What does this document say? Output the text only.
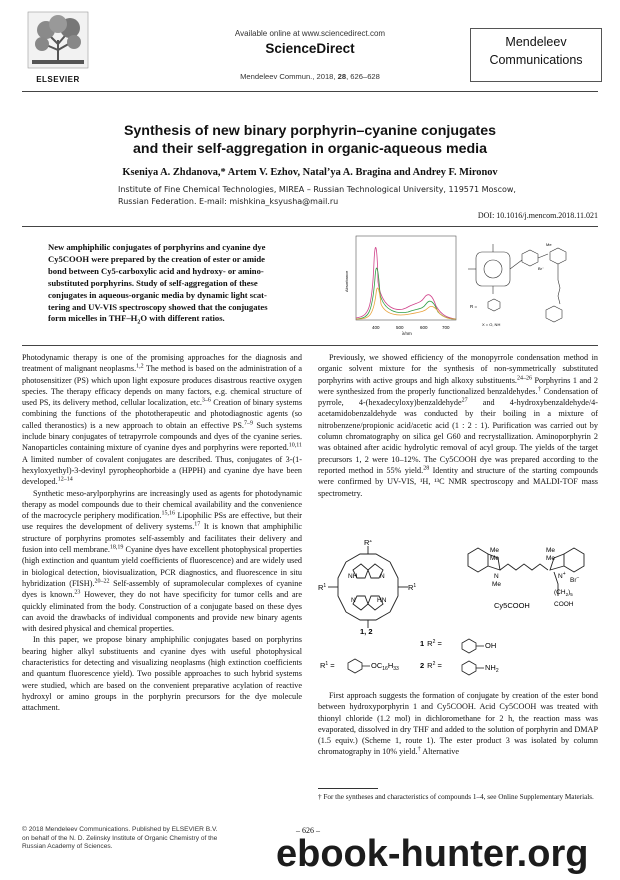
ELSEVIER
Available online at www.sciencedirect.com
ScienceDirect
Mendeleev Commun., 2018, 28, 626–628
Mendeleev
Communications
Synthesis of new binary porphyrin–cyanine conjugates
and their self-aggregation in organic-aqueous media
Kseniya A. Zhdanova,* Artem V. Ezhov, Natal’ya A. Bragina and Andrey F. Mironov
Institute of Fine Chemical Technologies, MIREA – Russian Technological University, 119571 Moscow,
Russian Federation. E-mail: mishkina_ksyusha@mail.ru
DOI: 10.1016/j.mencom.2018.11.021
New amphiphilic conjugates of porphyrins and cyanine dye
Cy5COOH were prepared by the creation of ester or amide
bond between Cy5-carboxylic acid and hydroxy- or amino-
substituted porphyrins. Study of self-aggregation of these
conjugates in aqueous-organic media by dynamic light scat-
tering and UV-VIS spectroscopy showed that the conjugates
form micelles in THF–$H_2O$ with different ratios.
400	500	600	700
λ/nm
Absorbance
Me
Br⁻
R =
X = O, NH

Photodynamic therapy is one of the promising approaches for the diagnosis and treatment of malignant neoplasms.$^{1,2}$ The method is based on the administration of a photosensitizer (PS) which upon light exposure produces disastrous reactive oxygen species. The therapy efficacy depends on many factors, e.g. chemical structure of used PS, its delivery method, cellular localization, etc.$^{3-6}$ Creation of binary systems combining the functions of the phototherapeutic and photodiagnostic agents (so called theranostics) is a new approach to obtain an effective PS.$^{7-9}$ Such systems include binary conjugates of tetrapyrrole compounds and dyes of the cyanine series. Nanoparticles containing mixture of cyanine dyes and porphyrins were reported.$^{10,11}$ A limited number of covalent conjugates are described. Thus, conjugates of 3-(1-hexyloxyethyl)-3-devinyl pyropheophorbide a (HPPH) and cyanine dye have been developed.$^{12-14}$

Synthetic meso-arylporphyrins are increasingly used as agents for photodynamic therapy as model compounds due to their chemical availability and the convenience of the macrocycle periphery modification.$^{15,16}$ Lipophilic PSs are effective, but their use requires the development of delivery systems.$^{17}$ It is known that amphiphilic structure of porphyrins promotes self-assembly and facilitates their delivery and fusion into cell membrane.$^{18,19}$ Cyanine dyes have excellent photophysical properties (high extinction and quantum yield coefficients of fluorescence) and are widely used in biological detection, biovisualization, PCR diagnostics, and fluorescence in situ hybridization (FISH).$^{20-22}$ Self-assembly of supramolecular complexes of cyanine dyes is known.$^{23}$ However, they do not have specificity for tumor cells and are quickly eliminated from the body. Construction of a conjugate based on these dyes can avoid the drawbacks of individual components and provide new binary agents with desired physical and chemical properties.

In this paper, we propose binary amphiphilic conjugates based on porphyrins bearing higher alkyl substituents and cyanine dyes with useful photophysical characteristics for detecting and visualizing neoplasms (high extinction coefficients and quantum fluorescence yield). Two possible approaches to such hybrid systems were studied, which are based on the convenient preparative acylation of reactive hydroxyl or amino groups in the porphyrin precursors for the dye molecule attachment.

Previously, we showed efficiency of the monopyrrole condensation method in organic solvent mixture for the synthesis of non-symmetrically substituted porphyrins with active groups and high alkoxy substituents.$^{24-26}$ Porphyrins 1 and 2 were synthesized from the properly functionalized benzaldehydes.† Condensation of pyrrole, 4-(hexadecyloxy)benzaldehyde$^{27}$ and 4-hydroxybenzaldehyde/4-acetamidobenzaldehyde was conducted by their boiling in a mixture of nitrobenzene/propionic acid/acetic acid (1 : 2 : 1). Purification was carried out by column chromatography on silica gel G60 and recrystallization. Aminoporphyrin 2 was obtained after acidic hydrolytic removal of acyl group. The yields of the target precursors 1, 2 were 10–12%. The Cy5COOH dye was prepared according to the reported method in 55% yield.$^{28}$ Identity and structure of the starting compounds were confirmed by UV-VIS, ¹H, ¹³C NMR spectroscopy and MALDI-TOF mass spectrometry.

$R^2$
$R^1$	$R^1$
NH	N
N	HN
Me
Me
Me
Me
N
Me
N+
Br−
$(CH_2)_5$
COOH
Cy5COOH
1, 2
1 $R^2$ =	OH
2 $R^2$ =	$NH_2$
$R^1$ =	$OC_{16}H_{33}$

First approach suggests the formation of conjugate by creation of the ester bond between hydroxyporphyrin 1 and Cy5COOH. Acid Cy5COOH was treated with thionyl chloride (1.2 mol) in dichloromethane for 2 h, the reaction mass was evaporated, dissolved in dry THF and added to the solution of porphyrin and DMAP (1.5 equiv.) (Scheme 1, route 1). The ester product 3 was isolated by column chromatography in 10% yield.† Alternative

† For the syntheses and characteristics of compounds 1–4, see Online Supplementary Materials.
© 2018 Mendeleev Communications. Published by ELSEVIER B.V.
on behalf of the N. D. Zelinsky Institute of Organic Chemistry of the
Russian Academy of Sciences.
– 626 –
ebook-hunter.org
